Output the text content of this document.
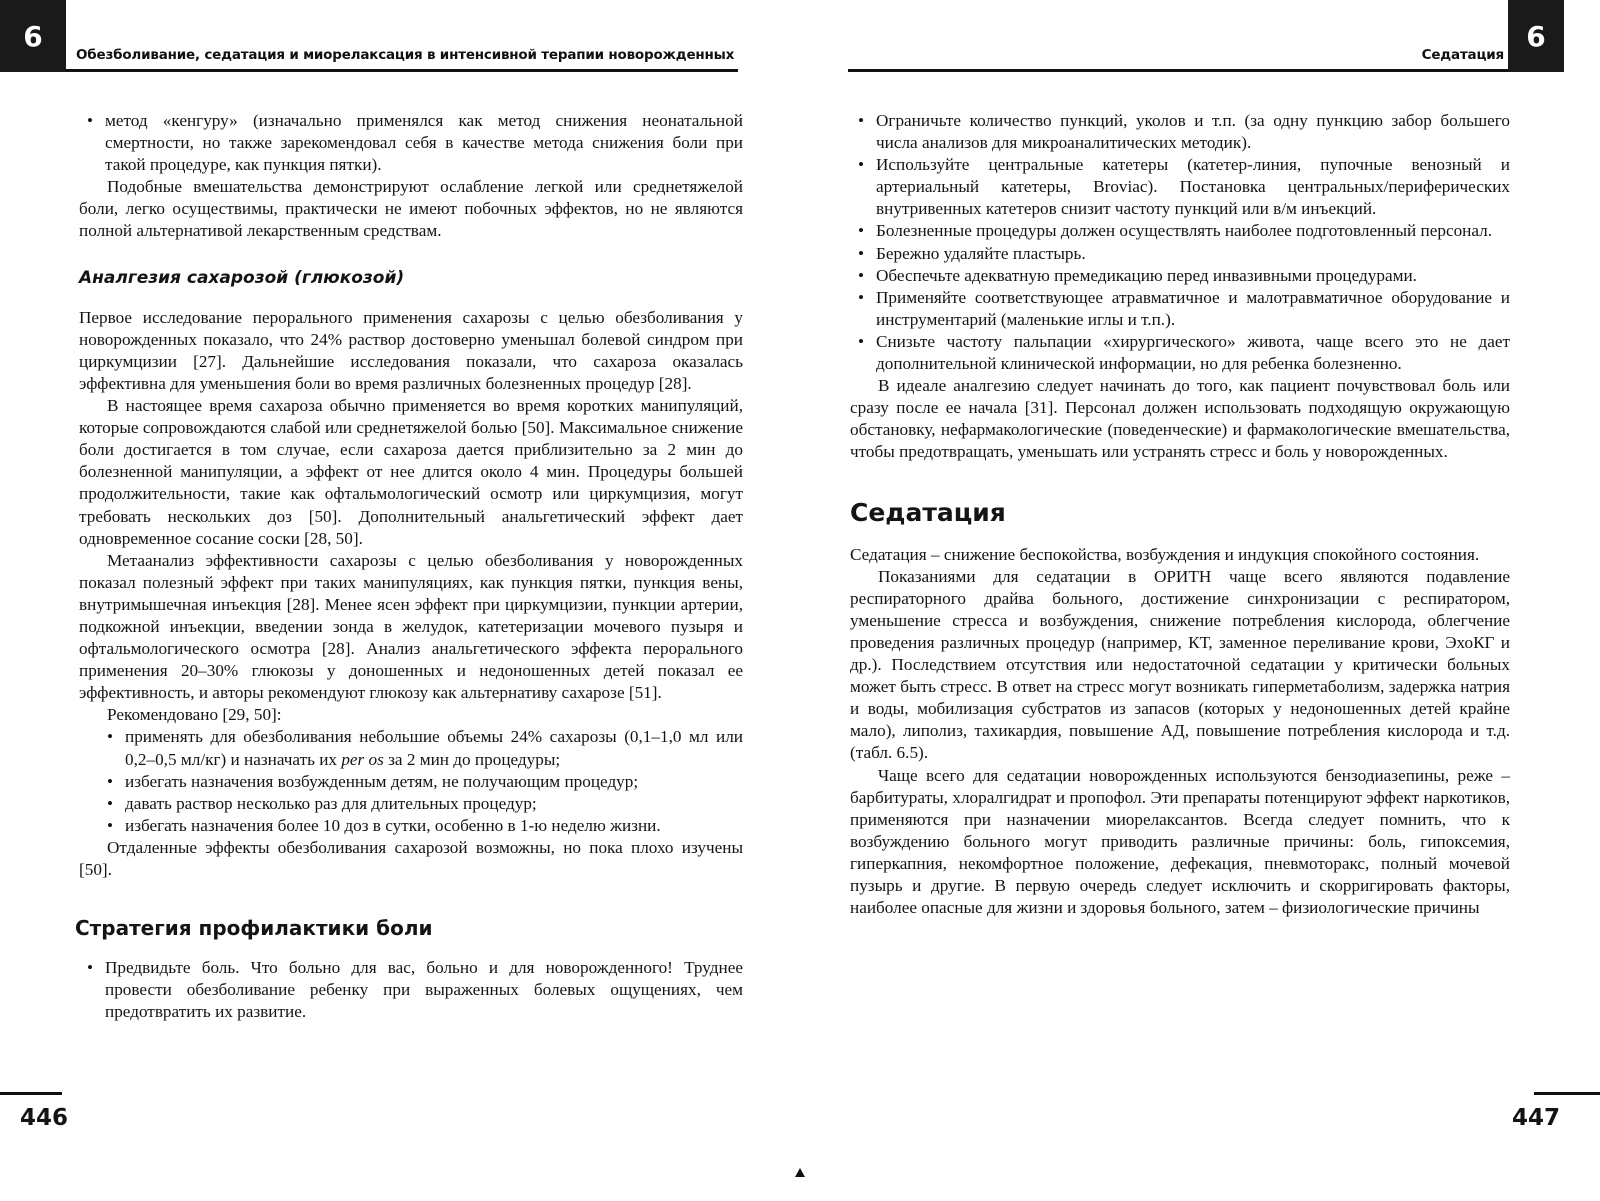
6
Обезболивание, седатация и миорелаксация в интенсивной терапии новорожденных
• метод «кенгуру» (изначально применялся как метод снижения неонатальной смертности, но также зарекомендовал себя в качестве метода снижения боли при такой процедуре, как пункция пятки).

Подобные вмешательства демонстрируют ослабление легкой или среднетяжелой боли, легко осуществимы, практически не имеют побочных эффектов, но не являются полной альтернативой лекарственным средствам.

Аналгезия сахарозой (глюкозой)

Первое исследование перорального применения сахарозы с целью обезболивания у новорожденных показало, что 24% раствор достоверно уменьшал болевой синдром при циркумцизии [27]. Дальнейшие исследования показали, что сахароза оказалась эффективна для уменьшения боли во время различных болезненных процедур [28].

В настоящее время сахароза обычно применяется во время коротких манипуляций, которые сопровождаются слабой или среднетяжелой болью [50]. Максимальное снижение боли достигается в том случае, если сахароза дается приблизительно за 2 мин до болезненной манипуляции, а эффект от нее длится около 4 мин. Процедуры большей продолжительности, такие как офтальмологический осмотр или циркумцизия, могут требовать нескольких доз [50]. Дополнительный анальгетический эффект дает одновременное сосание соски [28, 50].

Метаанализ эффективности сахарозы с целью обезболивания у новорожденных показал полезный эффект при таких манипуляциях, как пункция пятки, пункция вены, внутримышечная инъекция [28]. Менее ясен эффект при циркумцизии, пункции артерии, подкожной инъекции, введении зонда в желудок, катетеризации мочевого пузыря и офтальмологического осмотра [28]. Анализ анальгетического эффекта перорального применения 20–30% глюкозы у доношенных и недоношенных детей показал ее эффективность, и авторы рекомендуют глюкозу как альтернативу сахарозе [51].

Рекомендовано [29, 50]:

• применять для обезболивания небольшие объемы 24% сахарозы (0,1–1,0 мл или 0,2–0,5 мл/кг) и назначать их per os за 2 мин до процедуры;
• избегать назначения возбужденным детям, не получающим процедур;
• давать раствор несколько раз для длительных процедур;
• избегать назначения более 10 доз в сутки, особенно в 1-ю неделю жизни.

Отдаленные эффекты обезболивания сахарозой возможны, но пока плохо изучены [50].

Стратегия профилактики боли
• Предвидьте боль. Что больно для вас, больно и для новорожденного! Труднее провести обезболивание ребенку при выраженных болевых ощущениях, чем предотвратить их развитие.
446
6
Седатация
• Ограничьте количество пункций, уколов и т.п. (за одну пункцию забор большего числа анализов для микроаналитических методик).
• Используйте центральные катетеры (катетер-линия, пупочные венозный и артериальный катетеры, Broviac). Постановка центральных/периферических внутривенных катетеров снизит частоту пункций или в/м инъекций.
• Болезненные процедуры должен осуществлять наиболее подготовленный персонал.
• Бережно удаляйте пластырь.
• Обеспечьте адекватную премедикацию перед инвазивными процедурами.
• Применяйте соответствующее атравматичное и малотравматичное оборудование и инструментарий (маленькие иглы и т.п.).
• Снизьте частоту пальпации «хирургического» живота, чаще всего это не дает дополнительной клинической информации, но для ребенка болезненно.

В идеале аналгезию следует начинать до того, как пациент почувствовал боль или сразу после ее начала [31]. Персонал должен использовать подходящую окружающую обстановку, нефармакологические (поведенческие) и фармакологические вмешательства, чтобы предотвращать, уменьшать или устранять стресс и боль у новорожденных.

Седатация

Седатация – снижение беспокойства, возбуждения и индукция спокойного состояния.

Показаниями для седатации в ОРИТН чаще всего являются подавление респираторного драйва больного, достижение синхронизации с респиратором, уменьшение стресса и возбуждения, снижение потребления кислорода, облегчение проведения различных процедур (например, КТ, заменное переливание крови, ЭхоКГ и др.). Последствием отсутствия или недостаточной седатации у критически больных может быть стресс. В ответ на стресс могут возникать гиперметаболизм, задержка натрия и воды, мобилизация субстратов из запасов (которых у недоношенных детей крайне мало), липолиз, тахикардия, повышение АД, повышение потребления кислорода и т.д. (табл. 6.5).

Чаще всего для седатации новорожденных используются бензодиазепины, реже – барбитураты, хлоралгидрат и пропофол. Эти препараты потенцируют эффект наркотиков, применяются при назначении миорелаксантов. Всегда следует помнить, что к возбуждению больного могут приводить различные причины: боль, гипоксемия, гиперкапния, некомфортное положение, дефекация, пневмоторакс, полный мочевой пузырь и другие. В первую очередь следует исключить и скорригировать факторы, наиболее опасные для жизни и здоровья больного, затем – физиологические причины

447
